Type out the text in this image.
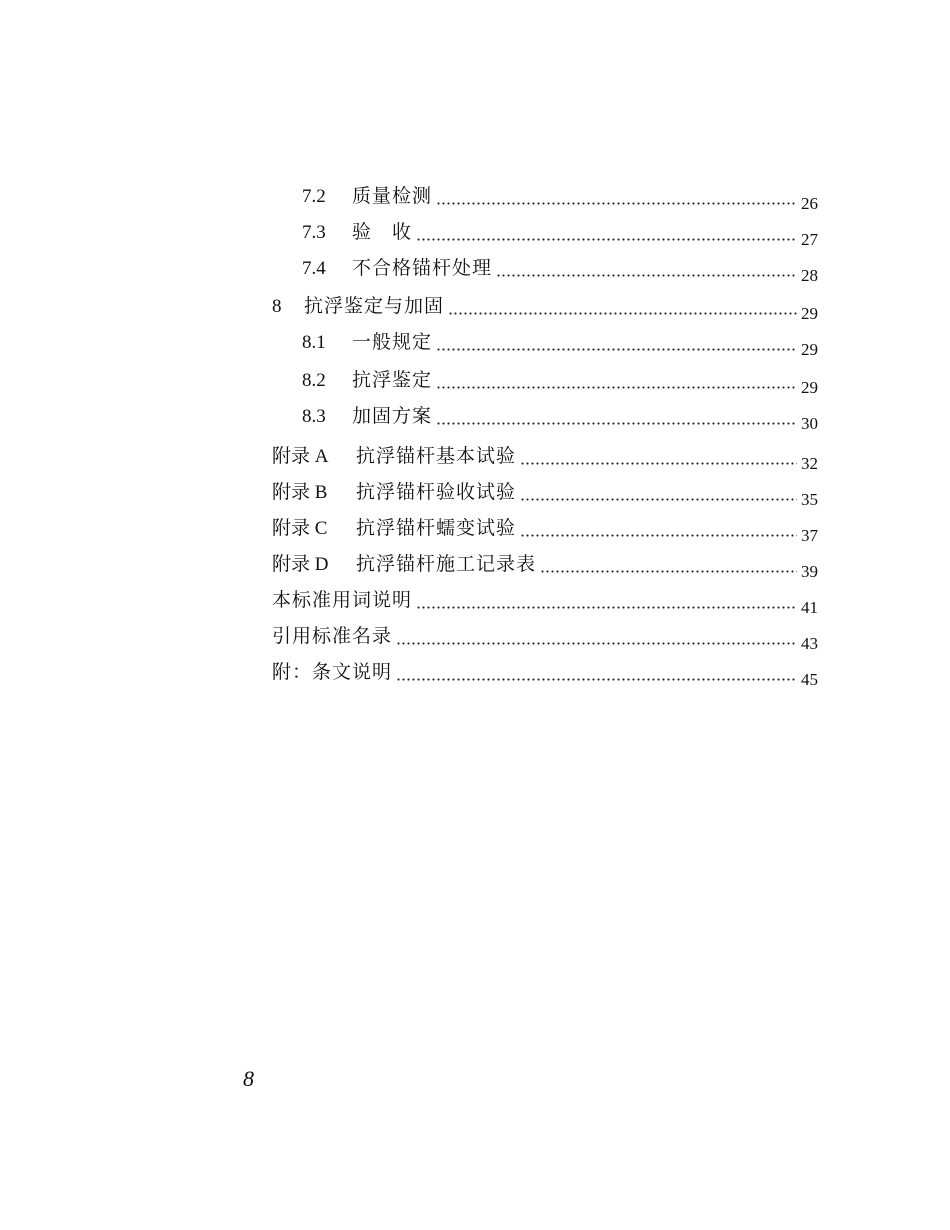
7.2	质量检测	26
7.3	验　收	27
7.4	不合格锚杆处理	28
8	抗浮鉴定与加固	29
8.1	一般规定	29
8.2	抗浮鉴定	29
8.3	加固方案	30
附录 A	抗浮锚杆基本试验	32
附录 B	抗浮锚杆验收试验	35
附录 C	抗浮锚杆蠕变试验	37
附录 D	抗浮锚杆施工记录表	39
本标准用词说明	41
引用标准名录	43
附：条文说明	45
8
